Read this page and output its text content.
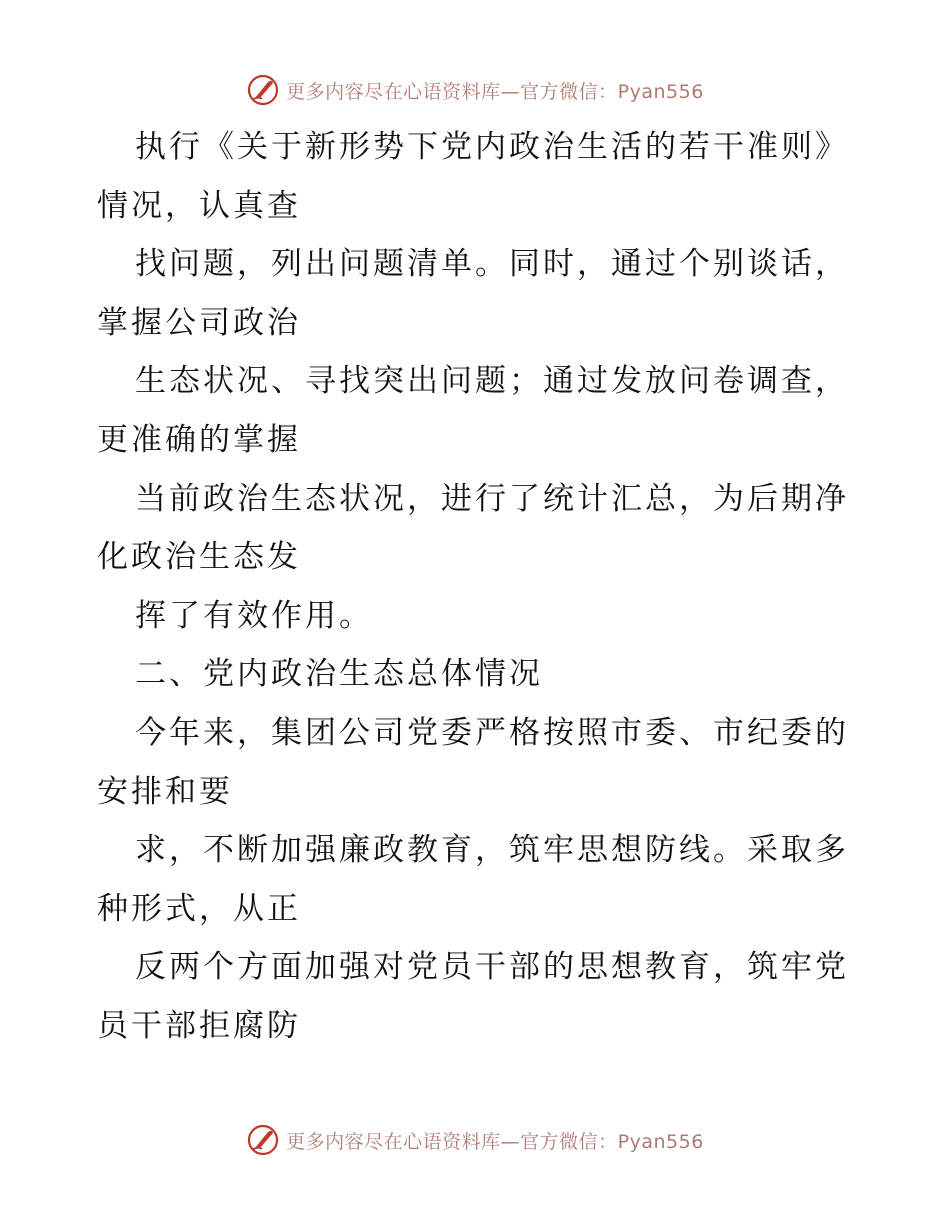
更多内容尽在心语资料库—官方微信：Pyan556
执行《关于新形势下党内政治生活的若干准则》
情况，认真查
找问题，列出问题清单。同时，通过个别谈话，
掌握公司政治
生态状况、寻找突出问题；通过发放问卷调查，
更准确的掌握
当前政治生态状况，进行了统计汇总，为后期净
化政治生态发
挥了有效作用。
二、党内政治生态总体情况
今年来，集团公司党委严格按照市委、市纪委的
安排和要
求，不断加强廉政教育，筑牢思想防线。采取多
种形式，从正
反两个方面加强对党员干部的思想教育，筑牢党
员干部拒腐防
更多内容尽在心语资料库—官方微信：Pyan556
